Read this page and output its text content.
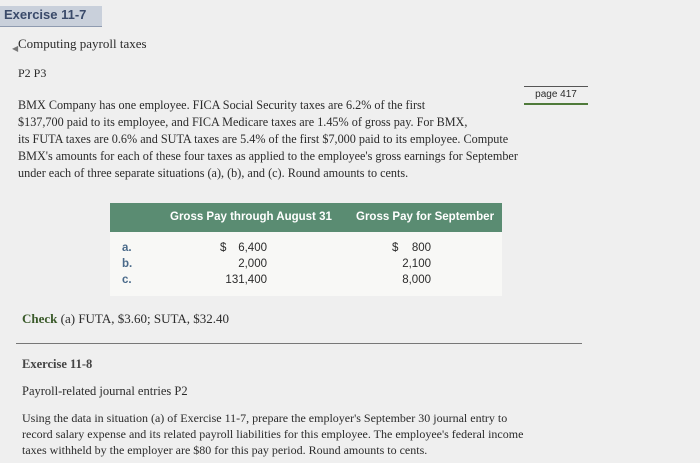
Exercise 11-7
◀ Computing payroll taxes
P2 P3
page 417
BMX Company has one employee. FICA Social Security taxes are 6.2% of the first
$137,700 paid to its employee, and FICA Medicare taxes are 1.45% of gross pay. For BMX,
its FUTA taxes are 0.6% and SUTA taxes are 5.4% of the first $7,000 paid to its employee. Compute
BMX's amounts for each of these four taxes as applied to the employee's gross earnings for September
under each of three separate situations (a), (b), and (c). Round amounts to cents.
Gross Pay through August 31 Gross Pay for September
a.	$ 6,400	$ 800
b.	2,000	2,100
c.	131,400	8,000
Check (a) FUTA, $3.60; SUTA, $32.40
Exercise 11-8
Payroll-related journal entries P2
Using the data in situation (a) of Exercise 11-7, prepare the employer's September 30 journal entry to
record salary expense and its related payroll liabilities for this employee. The employee's federal income
taxes withheld by the employer are $80 for this pay period. Round amounts to cents.
